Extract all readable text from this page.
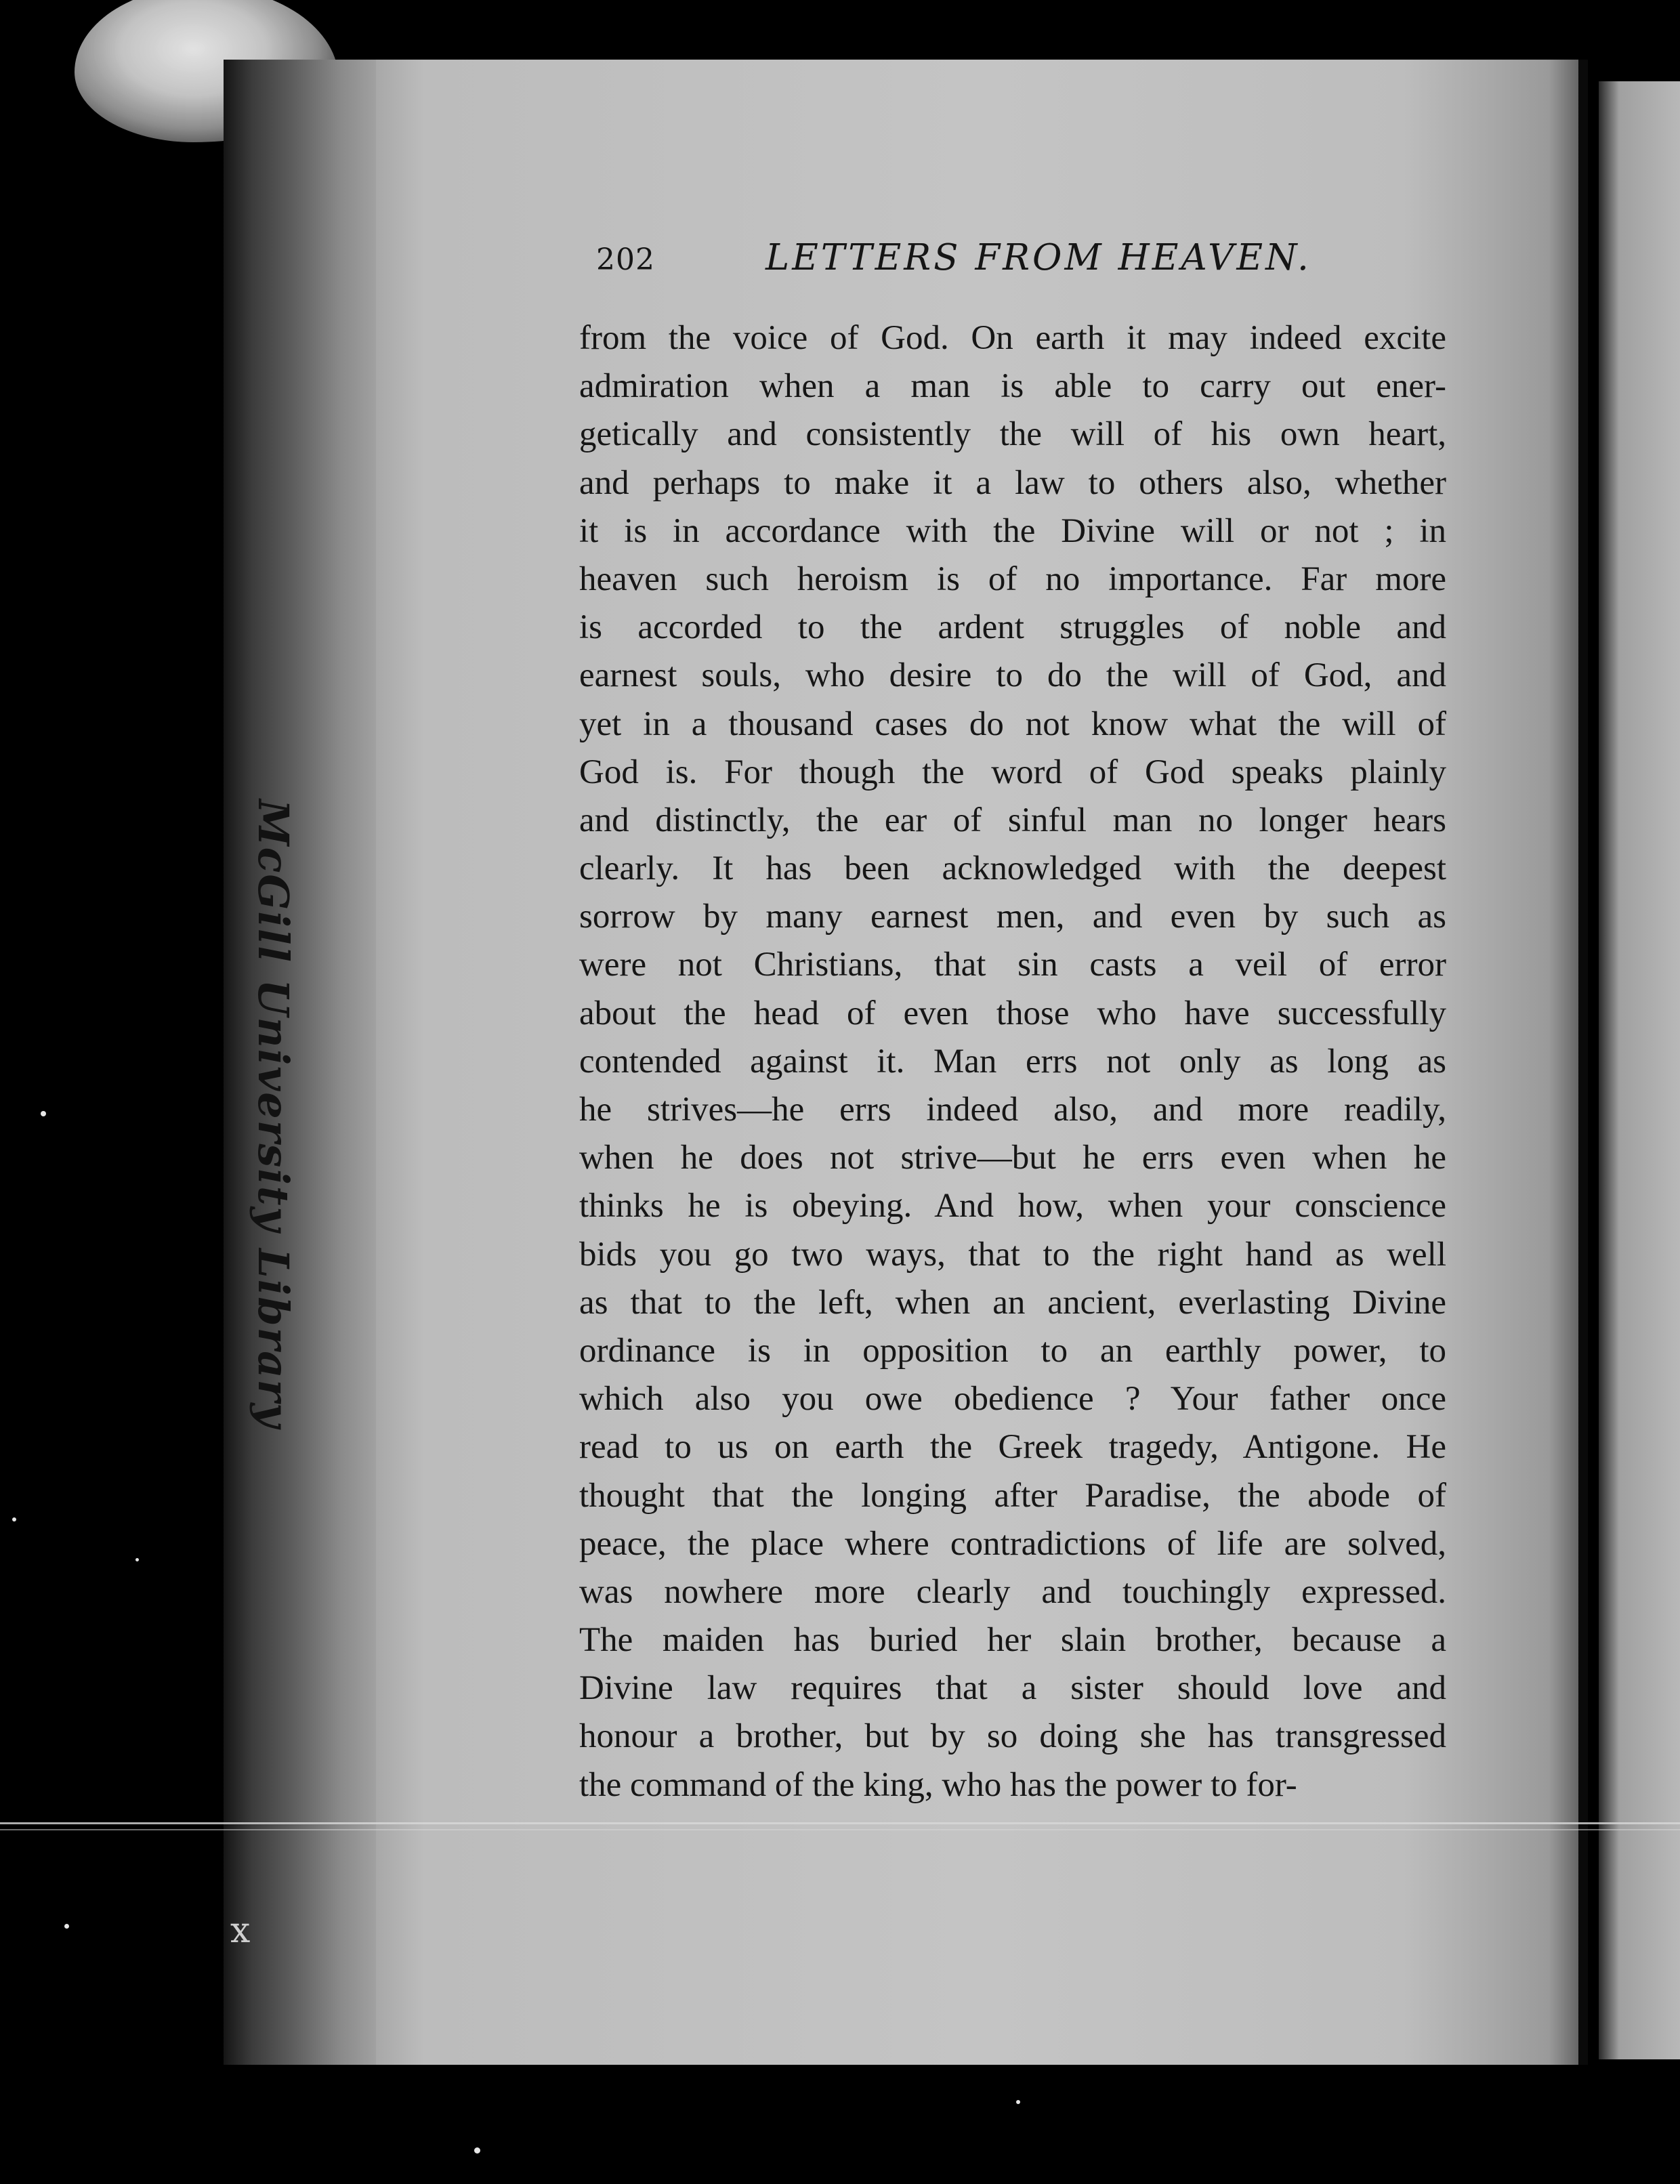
McGill University Library
x
202	LETTERS FROM HEAVEN.
from the voice of God. On earth it may indeed excite
admiration when a man is able to carry out ener-
getically and consistently the will of his own heart,
and perhaps to make it a law to others also, whether
it is in accordance with the Divine will or not ; in
heaven such heroism is of no importance. Far more
is accorded to the ardent struggles of noble and
earnest souls, who desire to do the will of God, and
yet in a thousand cases do not know what the will of
God is. For though the word of God speaks plainly
and distinctly, the ear of sinful man no longer hears
clearly. It has been acknowledged with the deepest
sorrow by many earnest men, and even by such as
were not Christians, that sin casts a veil of error
about the head of even those who have successfully
contended against it. Man errs not only as long as
he strives—he errs indeed also, and more readily,
when he does not strive—but he errs even when he
thinks he is obeying. And how, when your conscience
bids you go two ways, that to the right hand as well
as that to the left, when an ancient, everlasting Divine
ordinance is in opposition to an earthly power, to
which also you owe obedience ? Your father once
read to us on earth the Greek tragedy, Antigone. He
thought that the longing after Paradise, the abode of
peace, the place where contradictions of life are solved,
was nowhere more clearly and touchingly expressed.
The maiden has buried her slain brother, because a
Divine law requires that a sister should love and
honour a brother, but by so doing she has transgressed
the command of the king, who has the power to for-
